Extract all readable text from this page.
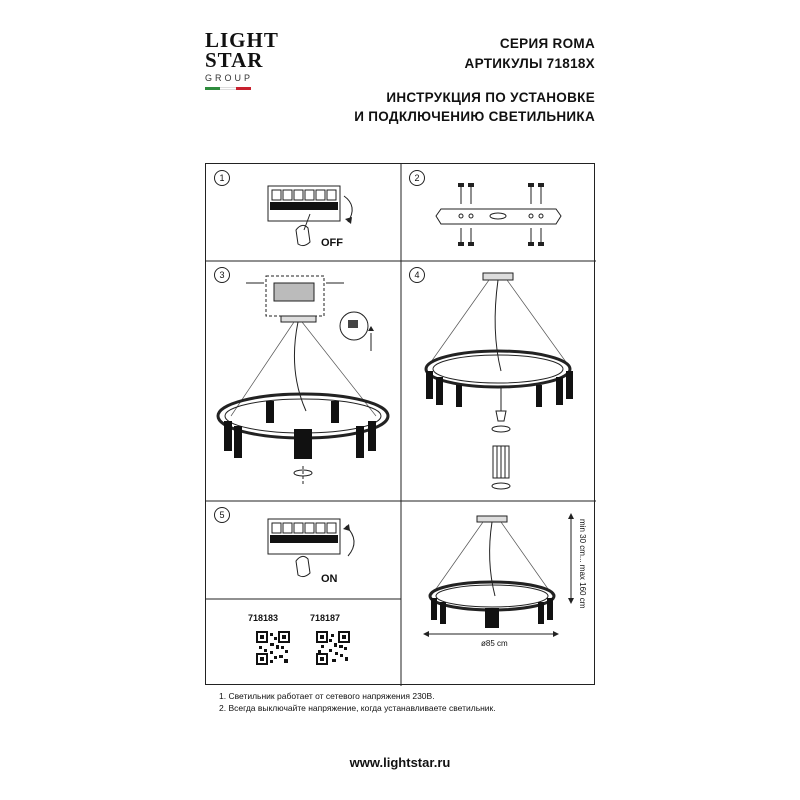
LIGHT
STAR
GROUP
СЕРИЯ ROMA
АРТИКУЛЫ 71818X
ИНСТРУКЦИЯ ПО УСТАНОВКЕ
И ПОДКЛЮЧЕНИЮ СВЕТИЛЬНИКА
1
OFF
2
3	4
5
ON	min 30 cm... max 160 cm
ø85 cm
718183	718187
1. Светильник работает от сетевого напряжения 230В.
2. Всегда выключайте напряжение, когда устанавливаете светильник.
www.lightstar.ru
